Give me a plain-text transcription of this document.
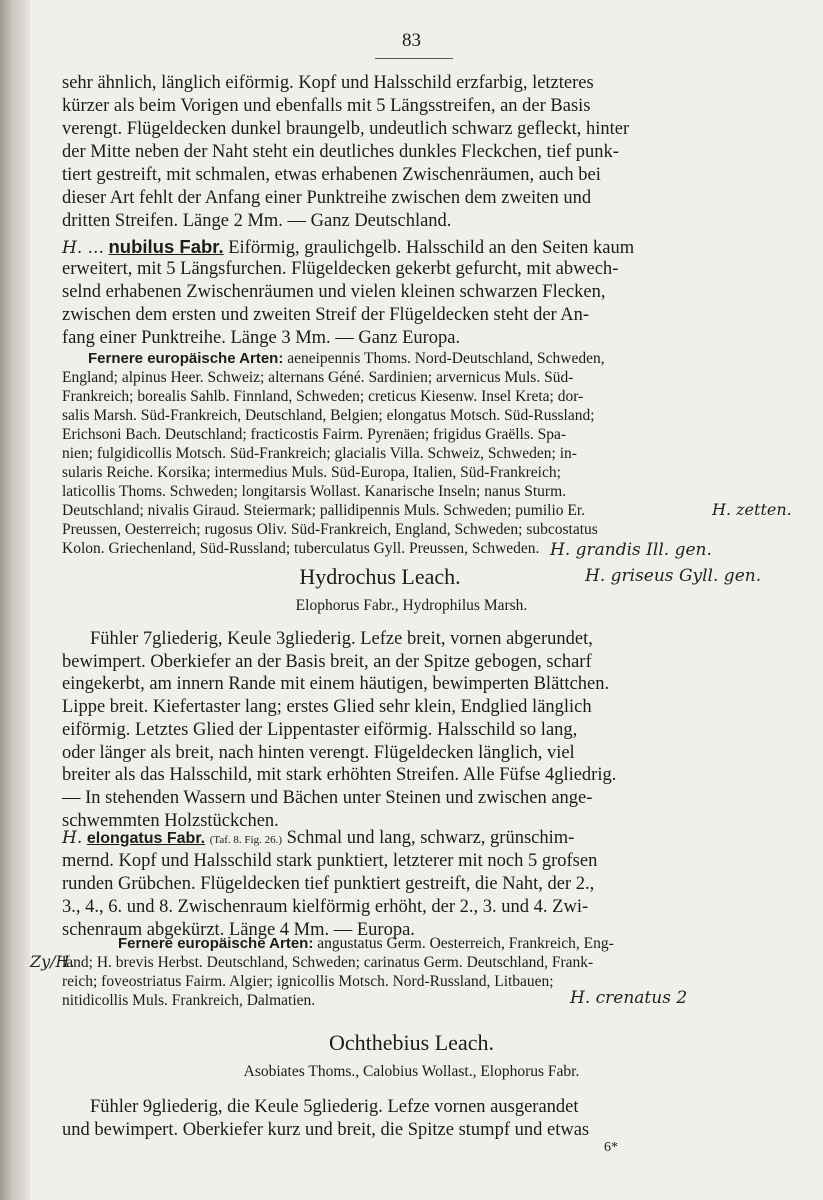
83
sehr ähnlich, länglich eiförmig. Kopf und Halsschild erzfarbig, letzteres
kürzer als beim Vorigen und ebenfalls mit 5 Längsstreifen, an der Basis
verengt. Flügeldecken dunkel braungelb, undeutlich schwarz gefleckt, hinter
der Mitte neben der Naht steht ein deutliches dunkles Fleckchen, tief punk-
tiert gestreift, mit schmalen, etwas erhabenen Zwischenräumen, auch bei
dieser Art fehlt der Anfang einer Punktreihe zwischen dem zweiten und
dritten Streifen. Länge 2 Mm. — Ganz Deutschland.
H. ... nubilus Fabr. Eiförmig, graulichgelb. Halsschild an den Seiten kaum
erweitert, mit 5 Längsfurchen. Flügeldecken gekerbt gefurcht, mit abwech-
selnd erhabenen Zwischenräumen und vielen kleinen schwarzen Flecken,
zwischen dem ersten und zweiten Streif der Flügeldecken steht der An-
fang einer Punktreihe. Länge 3 Mm. — Ganz Europa.
Fernere europäische Arten: aeneipennis Thoms. Nord-Deutschland, Schweden,
England; alpinus Heer. Schweiz; alternans Géné. Sardinien; arvernicus Muls. Süd-
Frankreich; borealis Sahlb. Finnland, Schweden; creticus Kiesenw. Insel Kreta; dor-
salis Marsh. Süd-Frankreich, Deutschland, Belgien; elongatus Motsch. Süd-Russland;
Erichsoni Bach. Deutschland; fracticostis Fairm. Pyrenäen; frigidus Graëlls. Spa-
nien; fulgidicollis Motsch. Süd-Frankreich; glacialis Villa. Schweiz, Schweden; in-
sularis Reiche. Korsika; intermedius Muls. Süd-Europa, Italien, Süd-Frankreich;
laticollis Thoms. Schweden; longitarsis Wollast. Kanarische Inseln; nanus Sturm.
Deutschland; nivalis Giraud. Steiermark; pallidipennis Muls. Schweden; pumilio Er.
Preussen, Oesterreich; rugosus Oliv. Süd-Frankreich, England, Schweden; subcostatus
Kolon. Griechenland, Süd-Russland; tuberculatus Gyll. Preussen, Schweden.
H. zetten.
H. grandis Ill. gen.
H. griseus Gyll. gen.
Hydrochus Leach.
Elophorus Fabr., Hydrophilus Marsh.
Fühler 7gliederig, Keule 3gliederig. Lefze breit, vornen abgerundet,
bewimpert. Oberkiefer an der Basis breit, an der Spitze gebogen, scharf
eingekerbt, am innern Rande mit einem häutigen, bewimperten Blättchen.
Lippe breit. Kiefertaster lang; erstes Glied sehr klein, Endglied länglich
eiförmig. Letztes Glied der Lippentaster eiförmig. Halsschild so lang,
oder länger als breit, nach hinten verengt. Flügeldecken länglich, viel
breiter als das Halsschild, mit stark erhöhten Streifen. Alle Füfse 4gliedrig.
— In stehenden Wassern und Bächen unter Steinen und zwischen ange-
schwemmten Holzstückchen.
H. elongatus Fabr. (Taf. 8. Fig. 26.) Schmal und lang, schwarz, grünschim-
mernd. Kopf und Halsschild stark punktiert, letzterer mit noch 5 grofsen
runden Grübchen. Flügeldecken tief punktiert gestreift, die Naht, der 2.,
3., 4., 6. und 8. Zwischenraum kielförmig erhöht, der 2., 3. und 4. Zwi-
schenraum abgekürzt. Länge 4 Mm. — Europa.
Fernere europäische Arten: angustatus Germ. Oesterreich, Frankreich, Eng-
Zy/H.
land; H. brevis Herbst. Deutschland, Schweden; carinatus Germ. Deutschland, Frank-
reich; foveostriatus Fairm. Algier; ignicollis Motsch. Nord-Russland, Litbauen;
nitidicollis Muls. Frankreich, Dalmatien.	H. crenatus 2
Ochthebius Leach.
Asobiates Thoms., Calobius Wollast., Elophorus Fabr.
Fühler 9gliederig, die Keule 5gliederig. Lefze vornen ausgerandet
und bewimpert. Oberkiefer kurz und breit, die Spitze stumpf und etwas
6*
